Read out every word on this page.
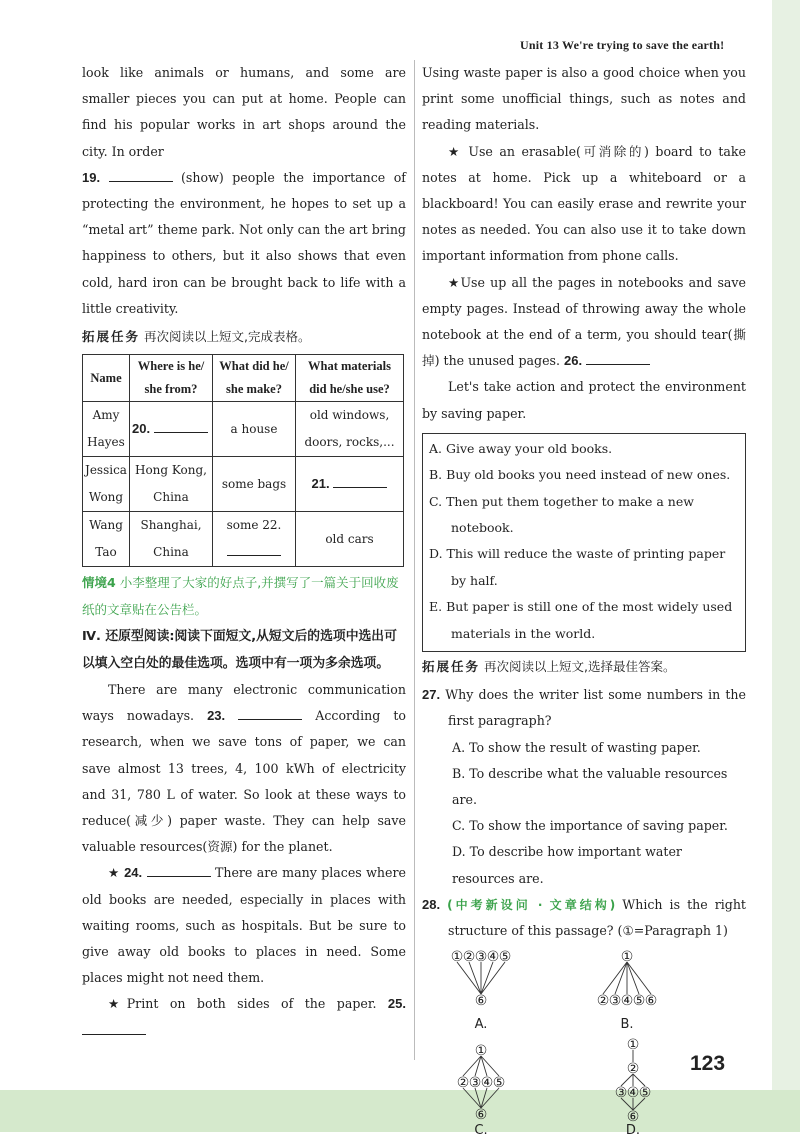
Unit 13 We're trying to save the earth!

look like animals or humans, and some are smaller pieces you can put at home. People can find his popular works in art shops around the city. In order

19.	(show) people the importance of protecting the environment, he hopes to set up a “metal art” theme park. Not only can the art bring happiness to others, but it also shows that even cold, hard iron can be brought back to life with a little creativity.

拓展任务 再次阅读以上短文,完成表格。
Name	Where is he/ she from?	What did he/ she make?	What materials did he/she use?
Amy Hayes	20.	a house	old windows, doors, rocks,...
Jessica Wong	Hong Kong, China	some bags	21.
Wang Tao	Shanghai, China	some 22.	old cars
情境4 小李整理了大家的好点子,并撰写了一篇关于回收废纸的文章贴在公告栏。
Ⅳ. 还原型阅读:阅读下面短文,从短文后的选项中选出可以填入空白处的最佳选项。选项中有一项为多余选项。

There are many electronic communication ways nowadays. 23.	According to research, when we save tons of paper, we can save almost 13 trees, 4, 100 kWh of electricity and 31, 780 L of water. So look at these ways to reduce(减少) paper waste. They can help save valuable resources(资源) for the planet.

★ 24.	There are many places where old books are needed, especially in places with waiting rooms, such as hospitals. But be sure to give away old books to places in need. Some places might not need them.

★Print on both sides of the paper. 25.

Using waste paper is also a good choice when you print some unofficial things, such as notes and reading materials.

★ Use an erasable(可消除的) board to take notes at home. Pick up a whiteboard or a blackboard! You can easily erase and rewrite your notes as needed. You can also use it to take down important information from phone calls.

★Use up all the pages in notebooks and save empty pages. Instead of throwing away the whole notebook at the end of a term, you should tear(撕掉) the unused pages. 26.

Let's take action and protect the environment by saving paper.

A. Give away your old books.
B. Buy old books you need instead of new ones.
C. Then put them together to make a new notebook.
D. This will reduce the waste of printing paper by half.
E. But paper is still one of the most widely used materials in the world.
拓展任务 再次阅读以上短文,选择最佳答案。

27. Why does the writer list some numbers in the first paragraph?

A. To show the result of wasting paper.
B. To describe what the valuable resources are.
C. To show the importance of saving paper.
D. To describe how important water resources are.

28. (中考新设问 · 文章结构) Which is the right structure of this passage? (①=Paragraph 1)

① ② ③ ④ ⑤
⑥
A.
①
② ③ ④ ⑤ ⑥
B.
①
② ③ ④ ⑤
⑥
C.
①
②
③ ④ ⑤
⑥
D.
123
